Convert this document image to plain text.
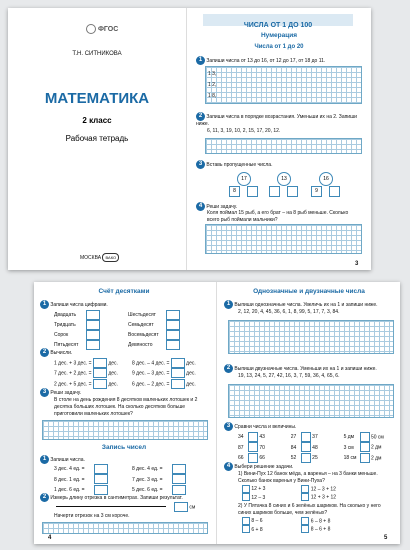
ФГОС
Т.Н. СИТНИКОВА
МАТЕМАТИКА
2 класс
Рабочая тетрадь
МОСКВА ВАКО
ЧИСЛА ОТ 1 ДО 100
Нумерация
Числа от 1 до 20
1 Запиши числа от 13 до 16, от 12 до 17, от 18 до 11.
1 3,
1 2,
1 8,
2 Запиши числа в порядке возрастания. Уменьши их на 2. Запиши ниже.
6, 11, 3, 19, 10, 2, 15, 17, 20, 12.
3 Вставь пропущенные числа.
17	13	16
8	9
4 Реши задачу.
Коля поймал 15 рыб, а его брат – на 8 рыб меньше. Сколько всего рыб поймали мальчики?
3
Счёт десятками
1 Запиши числа цифрами.
Двадцать
Тридцать
Сорок
Пятьдесят
Шестьдесят
Семьдесят
Восемьдесят
Девяносто
2 Вычисли.
1 дес. + 3 дес. =	дес.
7 дес. + 2 дес. =	дес.
2 дес. + 5 дес. =	дес.
8 дес. – 4 дес. =	дес.
9 дес. – 3 дес. =	дес.
6 дес. – 2 дес. =	дес.
3 Реши задачу.
В столе на день рождения 8 десятков маленьких лотошек и 2 десятка больших лотошек. На сколько десятков больше приготовили маленьких лотошек?
Запись чисел
1 Запиши числа.
3 дес. 4 ед. =
8 дес. 1 ед. =
1 дес. 6 ед. =
8 дес. 4 ед. =
7 дес. 3 ед. =
5 дес. 6 ед. =
2 Измерь длину отрезка в сантиметрах. Запиши результат.
см
Начерти отрезок на 3 см короче.
4
Однозначные и двузначные числа
1 Выпиши однозначные числа. Увеличь их на 1 и запиши ниже.
2, 12, 20, 4, 45, 36, 6, 1, 8, 99, 5, 17, 7, 3, 84.
2 Выпиши двузначные числа. Уменьши их на 1 и запиши ниже.
19, 13, 24, 5, 27, 42, 16, 3, 7, 59, 36, 4, 65, 6.
3 Сравни числа и величины.
34	43	27	37	5 дм	50 см
87	70	84	48	3 см	2 дм
66	66	52	25	18 см	2 дм
4 Выбери решение задачи.
1) Вини-Пух 12 банок мёда, а варенья – на 3 банки меньше. Сколько банок варенья у Вини-Пуха?
12 + 3	12 – 3 + 12
12 – 3	12 + 3 + 12
2) У Пятачка 8 синих и 6 зелёных шариков. На сколько у него синих шариков больше, чем зелёных?
8 – 6	6 – 8 + 8
6 + 8	8 – 6 + 8
5
